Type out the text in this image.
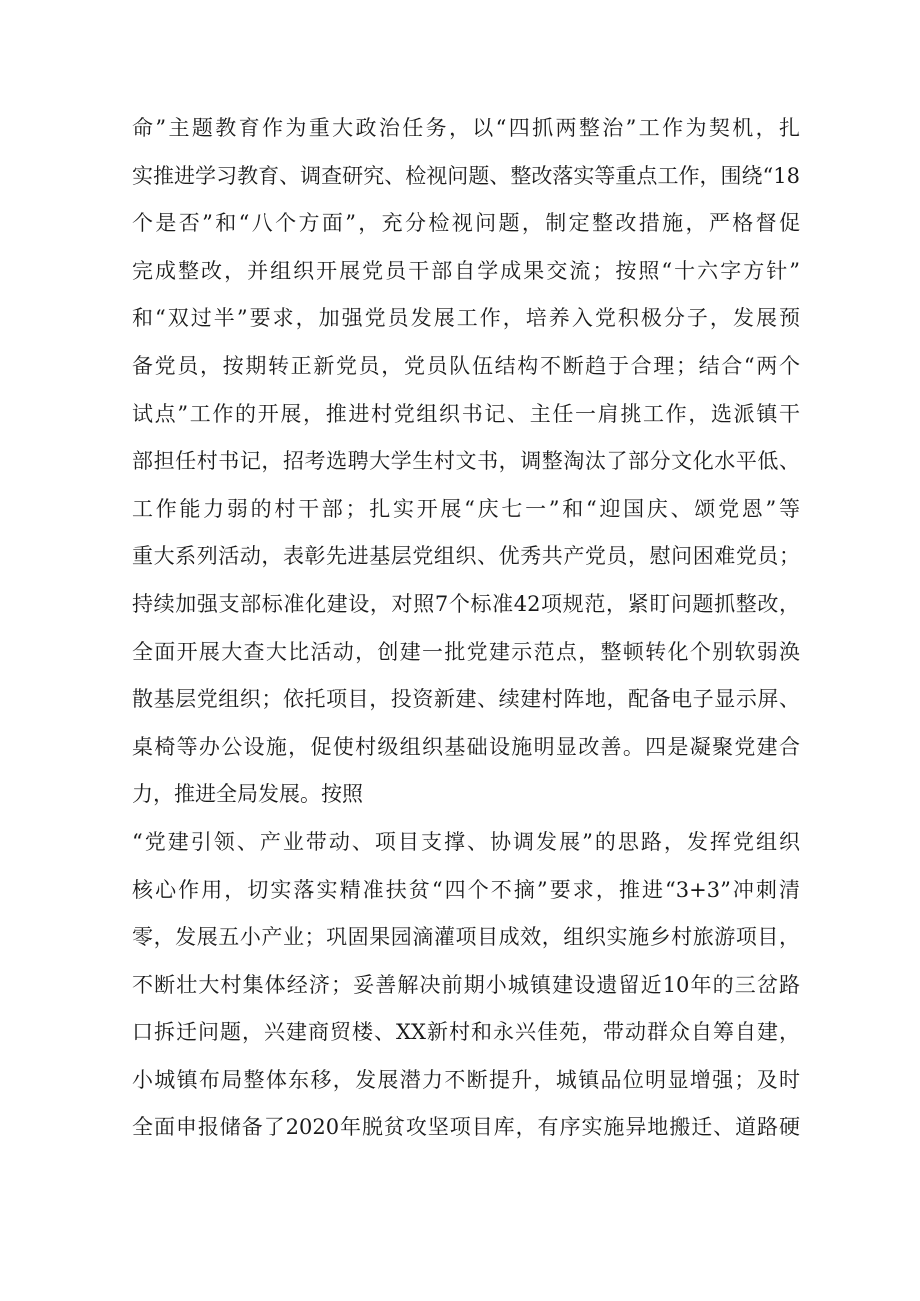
命”主题教育作为重大政治任务，以“四抓两整治”工作为契机，扎
实推进学习教育、调查研究、检视问题、整改落实等重点工作，围绕“18
个是否”和“八个方面”，充分检视问题，制定整改措施，严格督促
完成整改，并组织开展党员干部自学成果交流；按照“十六字方针”
和“双过半”要求，加强党员发展工作，培养入党积极分子，发展预
备党员，按期转正新党员，党员队伍结构不断趋于合理；结合“两个
试点”工作的开展，推进村党组织书记、主任一肩挑工作，选派镇干
部担任村书记，招考选聘大学生村文书，调整淘汰了部分文化水平低、
工作能力弱的村干部；扎实开展“庆七一”和“迎国庆、颂党恩”等
重大系列活动，表彰先进基层党组织、优秀共产党员，慰问困难党员；
持续加强支部标准化建设，对照7个标准42项规范，紧盯问题抓整改，
全面开展大查大比活动，创建一批党建示范点，整顿转化个别软弱涣
散基层党组织；依托项目，投资新建、续建村阵地，配备电子显示屏、
桌椅等办公设施，促使村级组织基础设施明显改善。四是凝聚党建合
力，推进全局发展。按照
“党建引领、产业带动、项目支撑、协调发展”的思路，发挥党组织
核心作用，切实落实精准扶贫“四个不摘”要求，推进“3+3”冲刺清
零，发展五小产业；巩固果园滴灌项目成效，组织实施乡村旅游项目，
不断壮大村集体经济；妥善解决前期小城镇建设遗留近10年的三岔路
口拆迁问题，兴建商贸楼、XX新村和永兴佳苑，带动群众自筹自建，
小城镇布局整体东移，发展潜力不断提升，城镇品位明显增强；及时
全面申报储备了2020年脱贫攻坚项目库，有序实施异地搬迁、道路硬
